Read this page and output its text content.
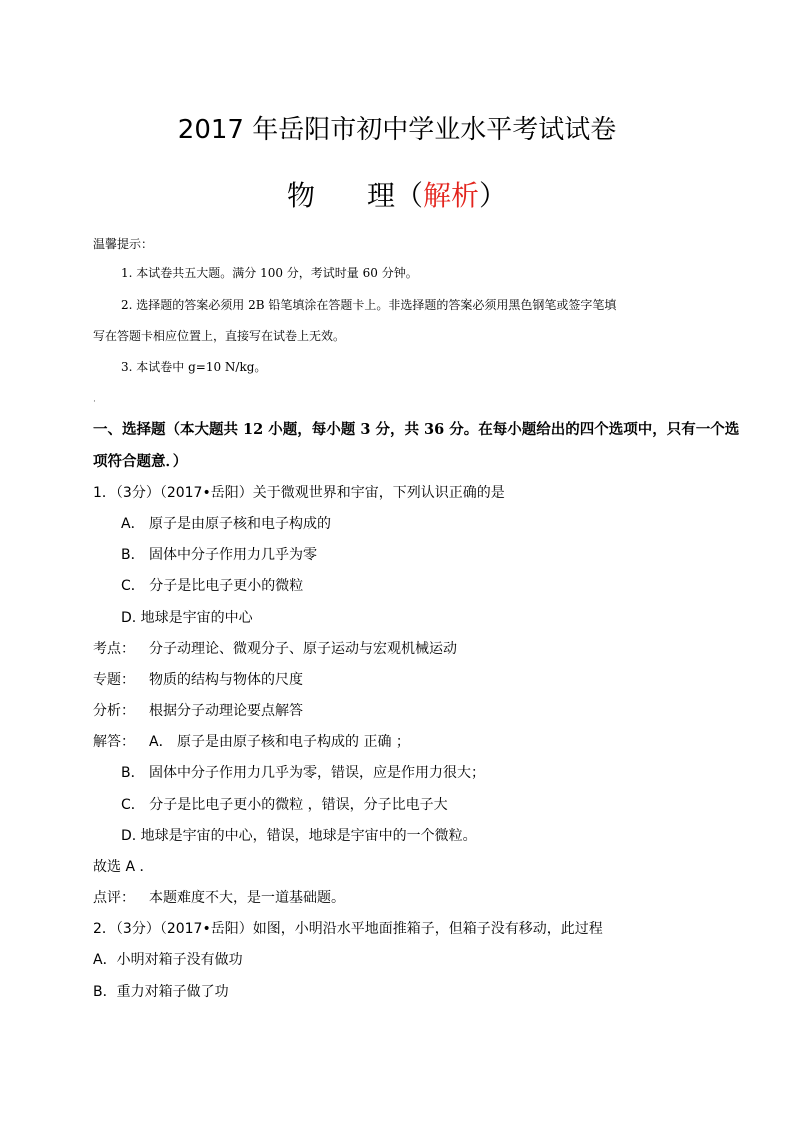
2017 年岳阳市初中学业水平考试试卷
物 理（解析）
温馨提示：
1. 本试卷共五大题。满分 100 分，考试时量 60 分钟。
2. 选择题的答案必须用 2B 铅笔填涂在答题卡上。非选择题的答案必须用黑色钢笔或签字笔填
写在答题卡相应位置上，直接写在试卷上无效。
3. 本试卷中 g=10 N/kg。
·
一、选择题（本大题共 12 小题，每小题 3 分，共 36 分。在每小题给出的四个选项中，只有一个选
项符合题意．）
1．（3分）（2017•岳阳）关于微观世界和宇宙，下列认识正确的是
A． 原子是由原子核和电子构成的
B． 固体中分子作用力几乎为零
C． 分子是比电子更小的微粒
D. 地球是宇宙的中心
考点： 分子动理论、微观分子、原子运动与宏观机械运动
专题： 物质的结构与物体的尺度
分析： 根据分子动理论要点解答
解答： A． 原子是由原子核和电子构成的 正确 ；
B． 固体中分子作用力几乎为零，错误，应是作用力很大；
C． 分子是比电子更小的微粒 ，错误，分子比电子大
D. 地球是宇宙的中心，错误，地球是宇宙中的一个微粒。
故选 A ．
点评： 本题难度不大，是一道基础题。
2．（3分）（2017•岳阳）如图，小明沿水平地面推箱子，但箱子没有移动，此过程
A．小明对箱子没有做功
B．重力对箱子做了功
